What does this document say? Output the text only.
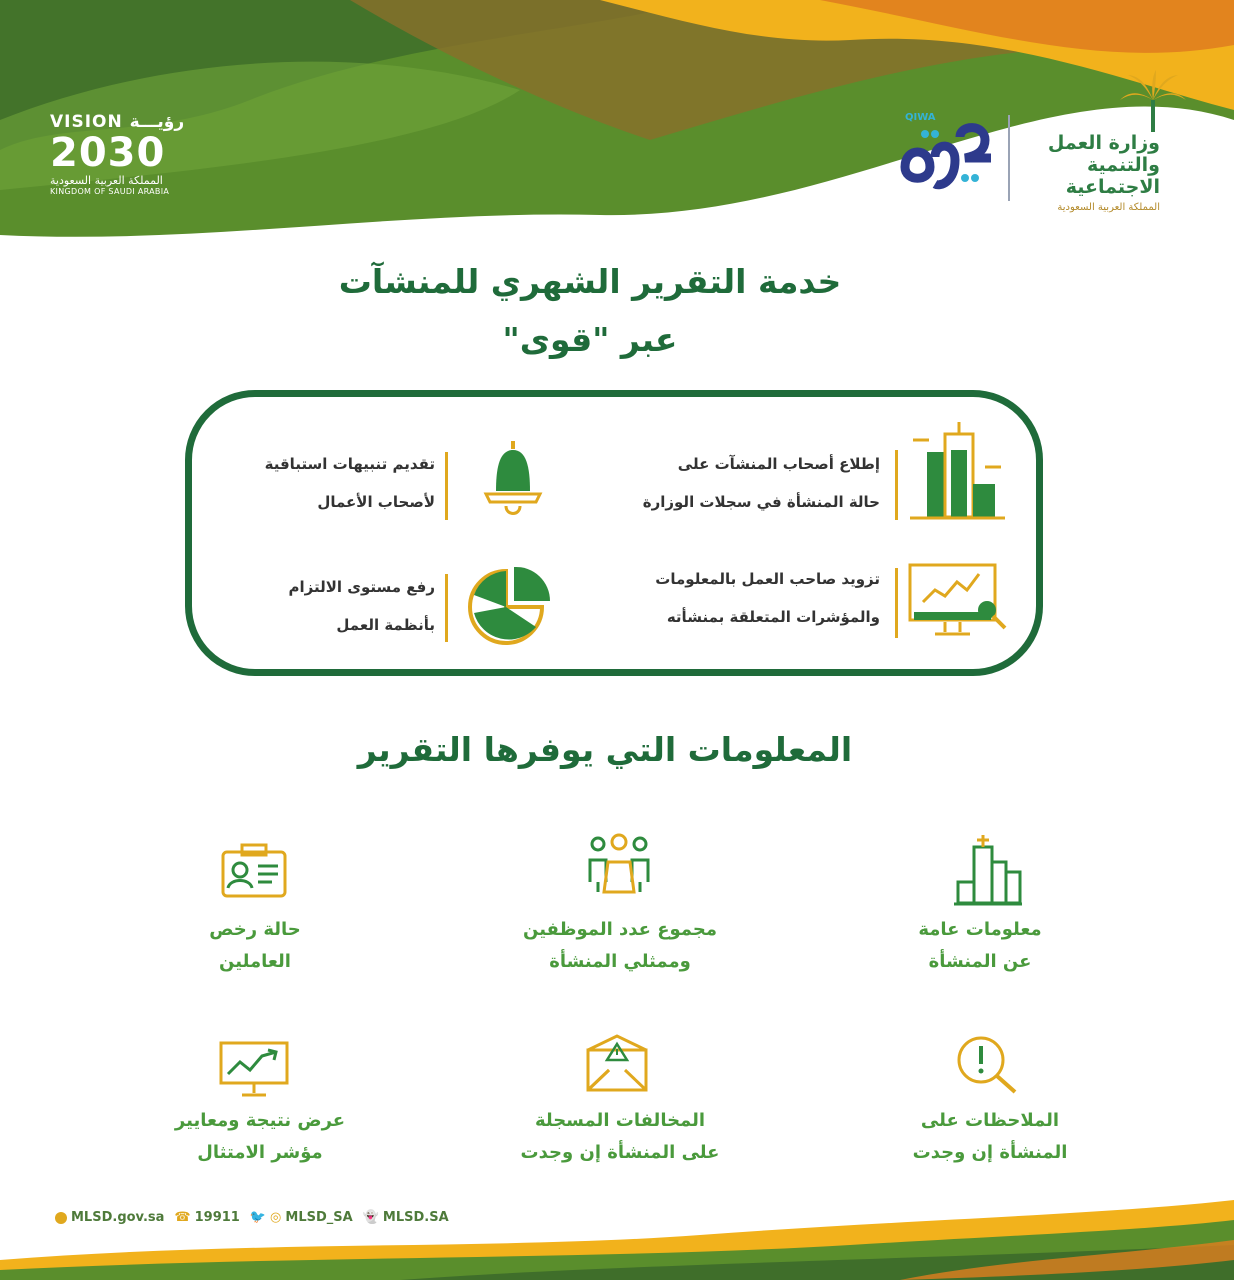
VISION رؤيـــة
2030
المملكة العربية السعودية
KINGDOM OF SAUDI ARABIA
وزارة العمل
والتنمية الاجتماعية
المملكة العربية السعودية
QIWA
خدمة التقرير الشهري للمنشآت
عبر "قوى"
إطلاع أصحاب المنشآت على
حالة المنشأة في سجلات الوزارة
تقديم تنبيهات استباقية
لأصحاب الأعمال
تزويد صاحب العمل بالمعلومات
والمؤشرات المتعلقة بمنشأته
رفع مستوى الالتزام
بأنظمة العمل
المعلومات التي يوفرها التقرير
معلومات عامة
عن المنشأة
مجموع عدد الموظفين
وممثلي المنشأة
حالة رخص
العاملين
الملاحظات على
المنشأة إن وجدت
المخالفات المسجلة
على المنشأة إن وجدت
عرض نتيجة ومعايير
مؤشر الامتثال
MLSD.gov.sa ☎ 19911 🐦 ◎ MLSD_SA 👻 MLSD.SA
